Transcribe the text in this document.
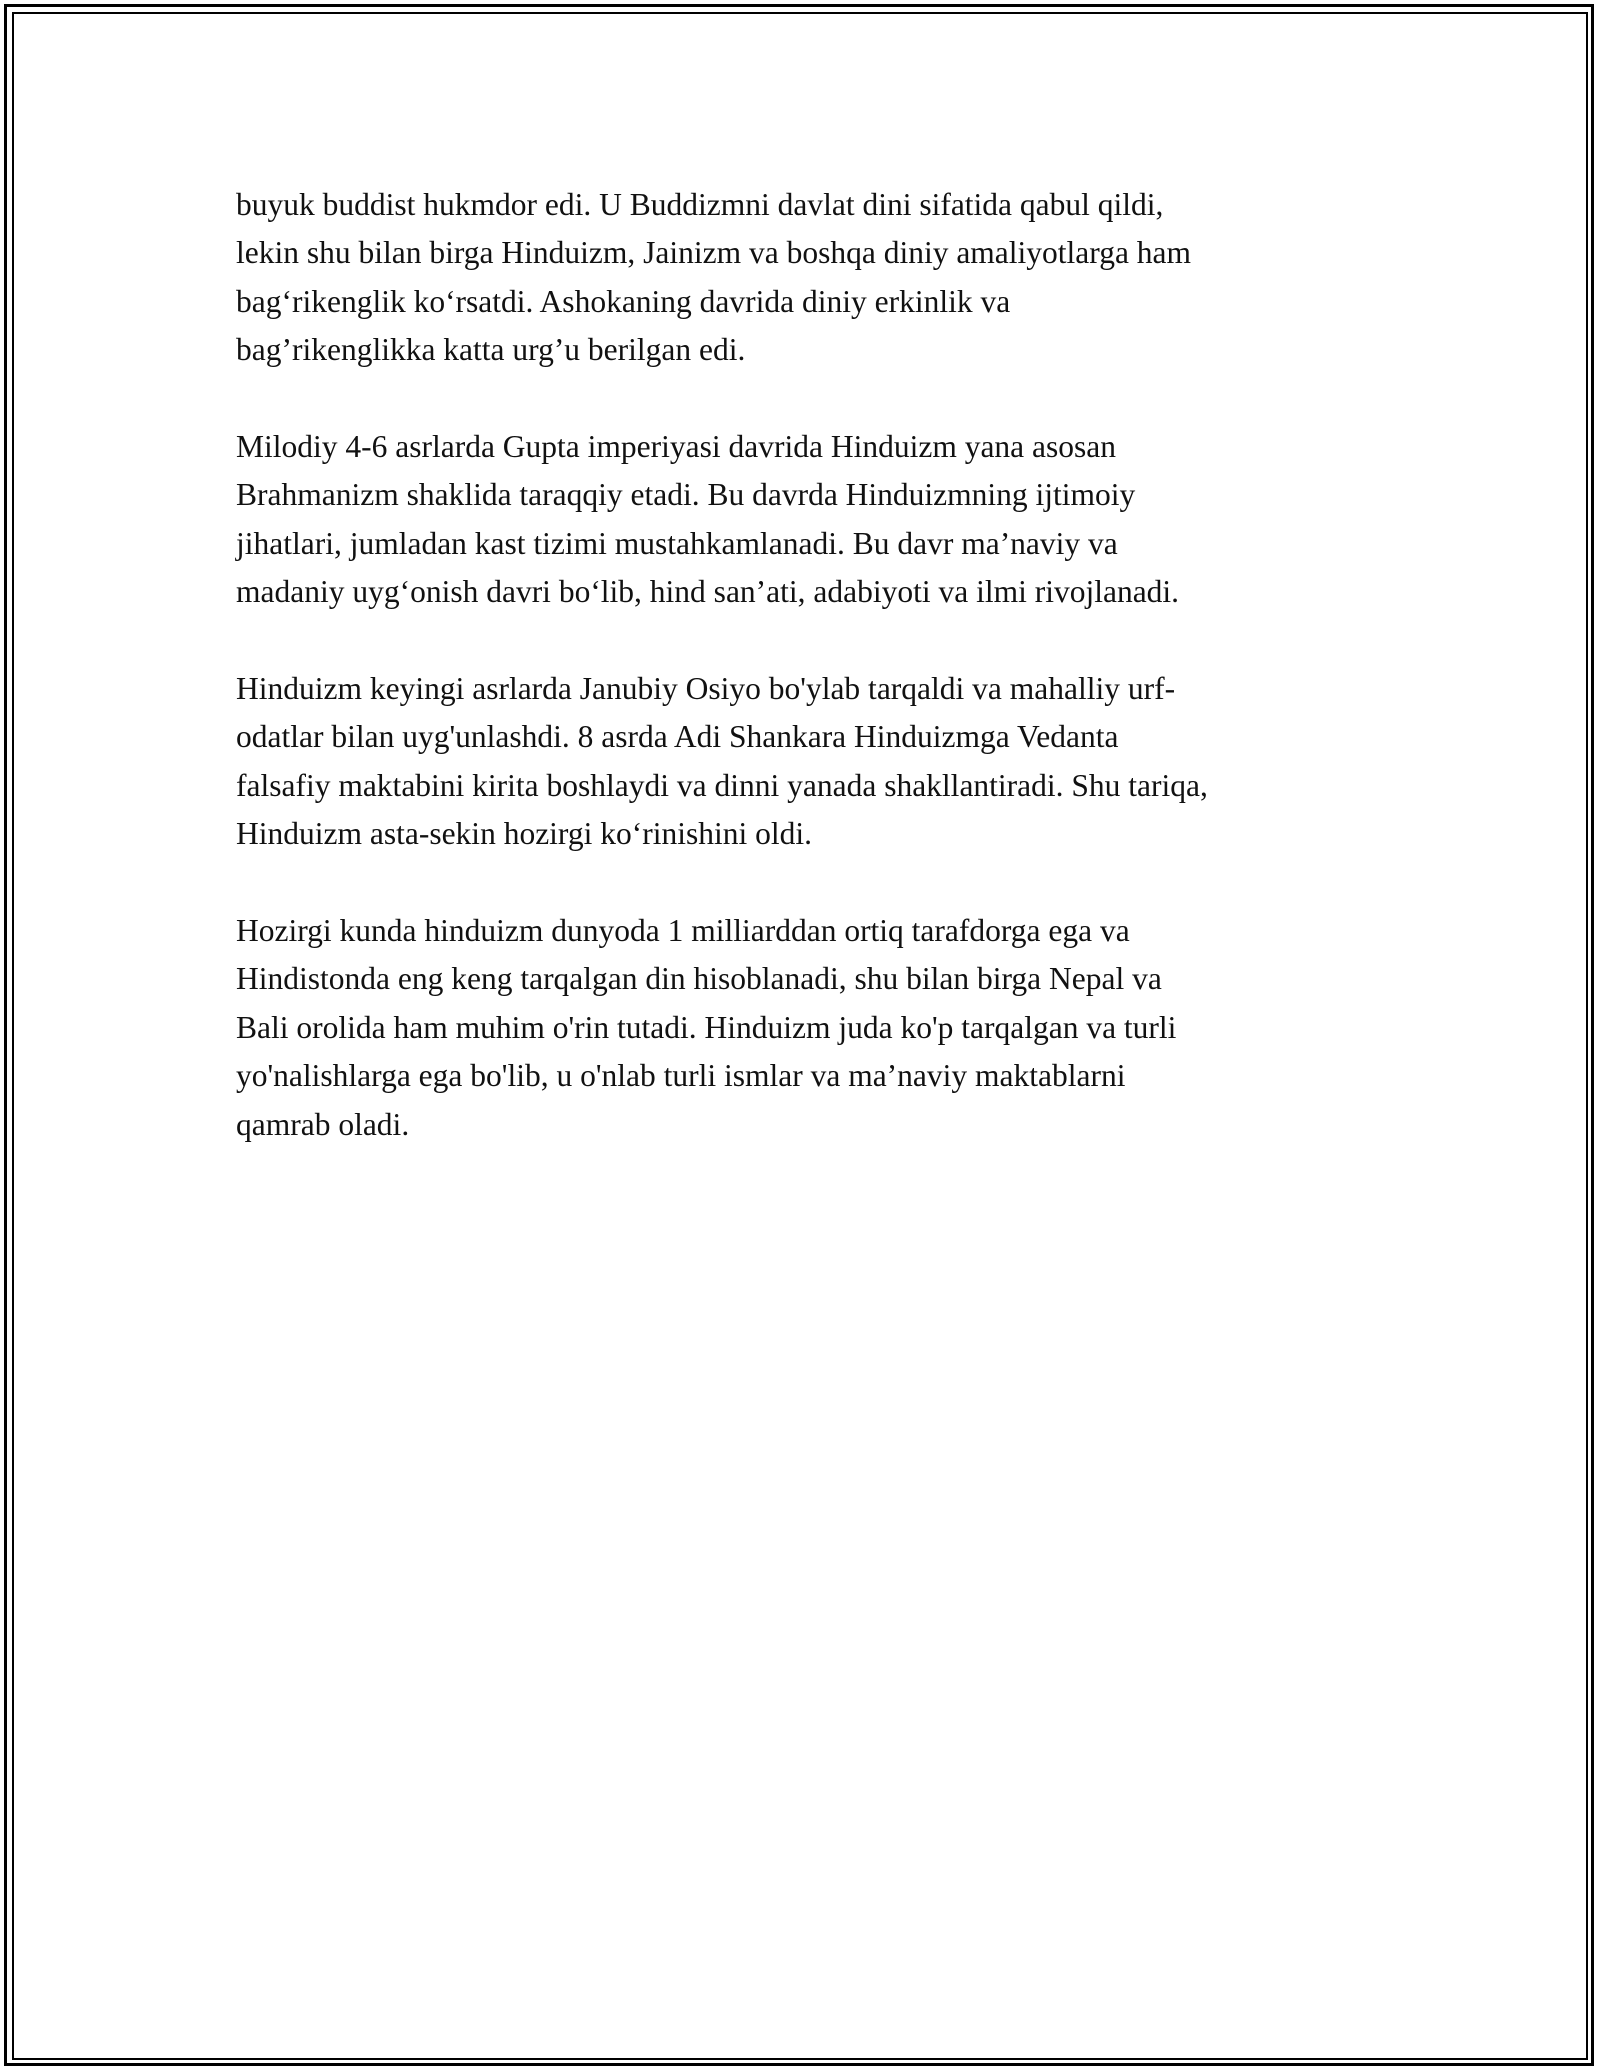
buyuk buddist hukmdor edi. U Buddizmni davlat dini sifatida qabul qildi,
lekin shu bilan birga Hinduizm, Jainizm va boshqa diniy amaliyotlarga ham
bag‘rikenglik ko‘rsatdi. Ashokaning davrida diniy erkinlik va
bag’rikenglikka katta urg’u berilgan edi.

Milodiy 4-6 asrlarda Gupta imperiyasi davrida Hinduizm yana asosan
Brahmanizm shaklida taraqqiy etadi. Bu davrda Hinduizmning ijtimoiy
jihatlari, jumladan kast tizimi mustahkamlanadi. Bu davr ma’naviy va
madaniy uyg‘onish davri bo‘lib, hind san’ati, adabiyoti va ilmi rivojlanadi.

Hinduizm keyingi asrlarda Janubiy Osiyo bo'ylab tarqaldi va mahalliy urf-
odatlar bilan uyg'unlashdi. 8 asrda Adi Shankara Hinduizmga Vedanta
falsafiy maktabini kirita boshlaydi va dinni yanada shakllantiradi. Shu tariqa,
Hinduizm asta-sekin hozirgi ko‘rinishini oldi.

Hozirgi kunda hinduizm dunyoda 1 milliarddan ortiq tarafdorga ega va
Hindistonda eng keng tarqalgan din hisoblanadi, shu bilan birga Nepal va
Bali orolida ham muhim o'rin tutadi. Hinduizm juda ko'p tarqalgan va turli
yo'nalishlarga ega bo'lib, u o'nlab turli ismlar va ma’naviy maktablarni
qamrab oladi.
